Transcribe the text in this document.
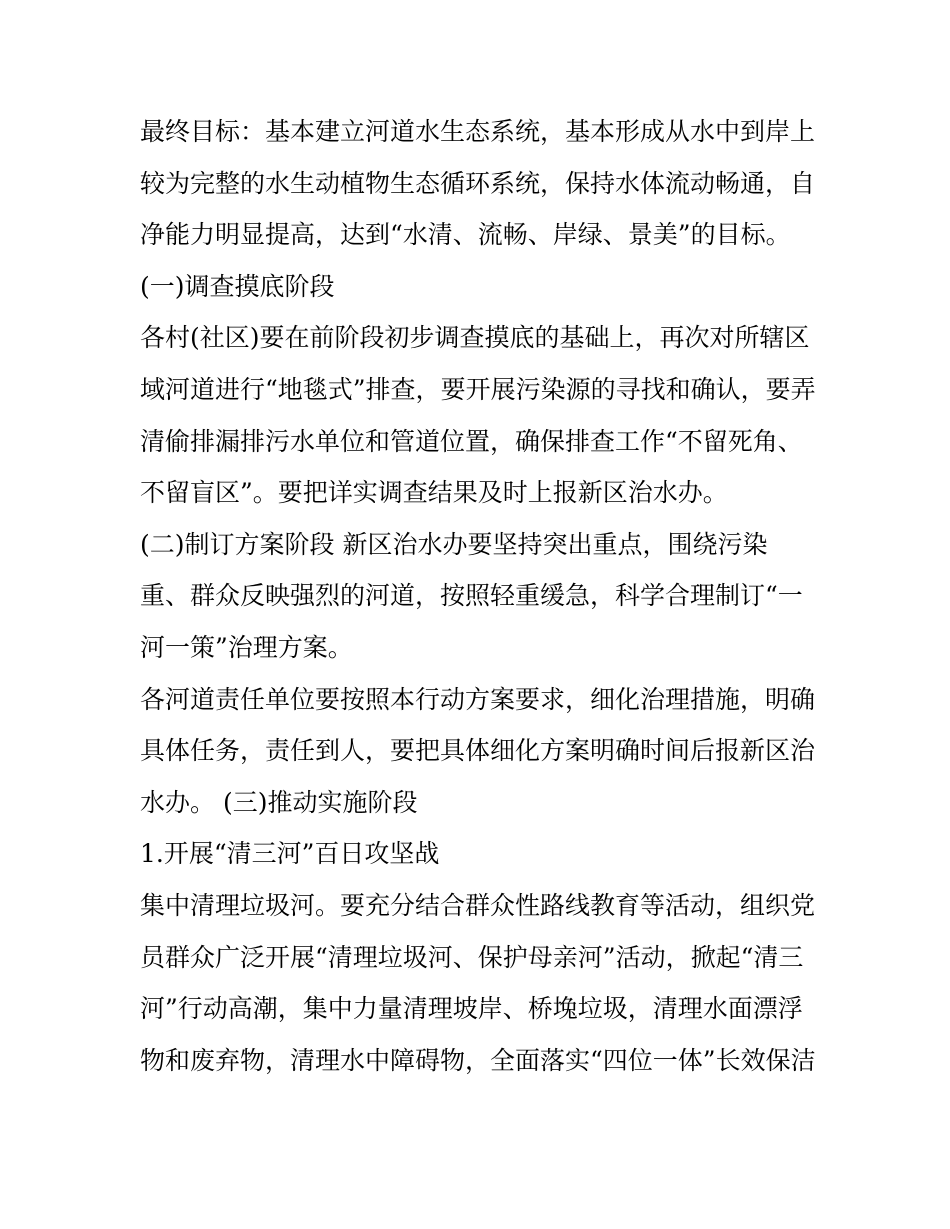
最终目标：基本建立河道水生态系统，基本形成从水中到岸上
较为完整的水生动植物生态循环系统，保持水体流动畅通，自
净能力明显提高，达到“水清、流畅、岸绿、景美”的目标。
(一)调查摸底阶段
各村(社区)要在前阶段初步调查摸底的基础上，再次对所辖区
域河道进行“地毯式”排查，要开展污染源的寻找和确认，要弄
清偷排漏排污水单位和管道位置，确保排查工作“不留死角、
不留盲区”。要把详实调查结果及时上报新区治水办。
(二)制订方案阶段 新区治水办要坚持突出重点，围绕污染
重、群众反映强烈的河道，按照轻重缓急，科学合理制订“一
河一策”治理方案。
各河道责任单位要按照本行动方案要求，细化治理措施，明确
具体任务，责任到人，要把具体细化方案明确时间后报新区治
水办。 (三)推动实施阶段
1.开展“清三河”百日攻坚战
集中清理垃圾河。要充分结合群众性路线教育等活动，组织党
员群众广泛开展“清理垃圾河、保护母亲河”活动，掀起“清三
河”行动高潮，集中力量清理坡岸、桥堍垃圾，清理水面漂浮
物和废弃物，清理水中障碍物，全面落实“四位一体”长效保洁
